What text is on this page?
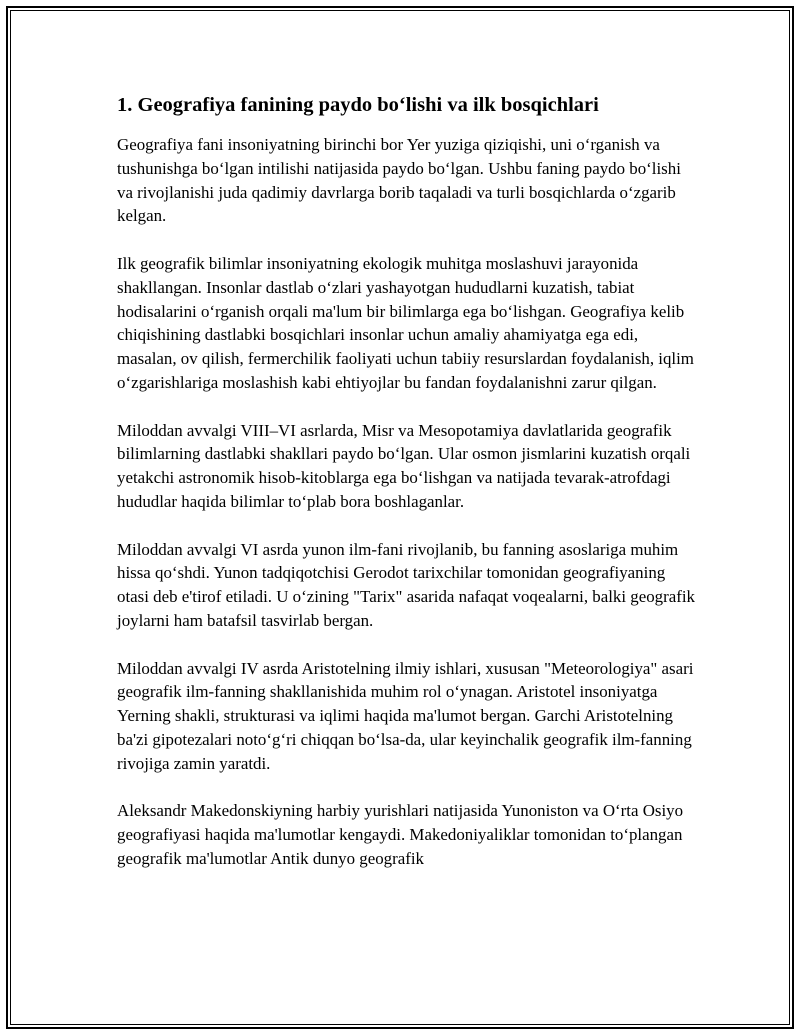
1. Geografiya fanining paydo bo‘lishi va ilk bosqichlari

Geografiya fani insoniyatning birinchi bor Yer yuziga qiziqishi, uni o‘rganish va tushunishga bo‘lgan intilishi natijasida paydo bo‘lgan. Ushbu faning paydo bo‘lishi va rivojlanishi juda qadimiy davrlarga borib taqaladi va turli bosqichlarda o‘zgarib kelgan.

Ilk geografik bilimlar insoniyatning ekologik muhitga moslashuvi jarayonida shakllangan. Insonlar dastlab o‘zlari yashayotgan hududlarni kuzatish, tabiat hodisalarini o‘rganish orqali ma'lum bir bilimlarga ega bo‘lishgan. Geografiya kelib chiqishining dastlabki bosqichlari insonlar uchun amaliy ahamiyatga ega edi, masalan, ov qilish, fermerchilik faoliyati uchun tabiiy resurslardan foydalanish, iqlim o‘zgarishlariga moslashish kabi ehtiyojlar bu fandan foydalanishni zarur qilgan.

Miloddan avvalgi VIII–VI asrlarda, Misr va Mesopotamiya davlatlarida geografik bilimlarning dastlabki shakllari paydo bo‘lgan. Ular osmon jismlarini kuzatish orqali yetakchi astronomik hisob-kitoblarga ega bo‘lishgan va natijada tevarak-atrofdagi hududlar haqida bilimlar to‘plab bora boshlaganlar.

Miloddan avvalgi VI asrda yunon ilm-fani rivojlanib, bu fanning asoslariga muhim hissa qo‘shdi. Yunon tadqiqotchisi Gerodot tarixchilar tomonidan geografiyaning otasi deb e'tirof etiladi. U o‘zining "Tarix" asarida nafaqat voqealarni, balki geografik joylarni ham batafsil tasvirlab bergan.

Miloddan avvalgi IV asrda Aristotelning ilmiy ishlari, xususan "Meteorologiya" asari geografik ilm-fanning shakllanishida muhim rol o‘ynagan. Aristotel insoniyatga Yerning shakli, strukturasi va iqlimi haqida ma'lumot bergan. Garchi Aristotelning ba'zi gipotezalari noto‘g‘ri chiqqan bo‘lsa-da, ular keyinchalik geografik ilm-fanning rivojiga zamin yaratdi.

Aleksandr Makedonskiyning harbiy yurishlari natijasida Yunoniston va O‘rta Osiyo geografiyasi haqida ma'lumotlar kengaydi. Makedoniyaliklar tomonidan to‘plangan geografik ma'lumotlar Antik dunyo geografik
